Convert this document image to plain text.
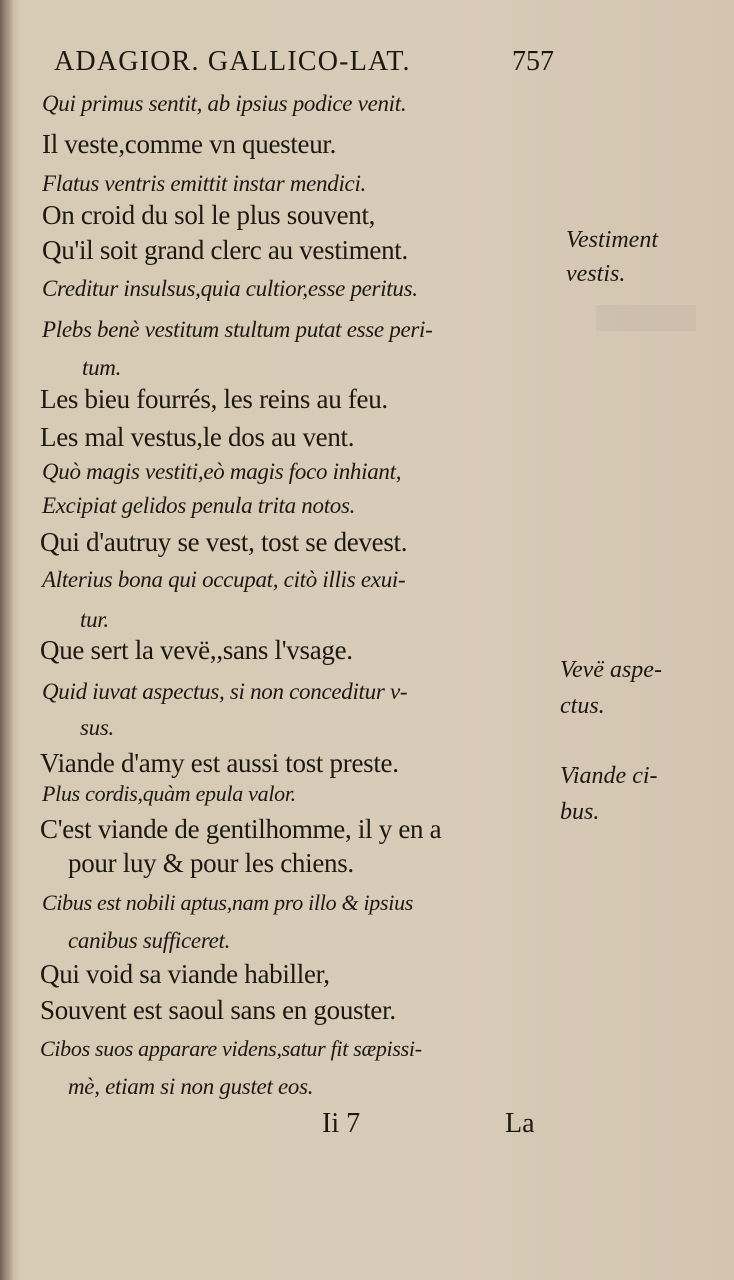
ADAGIOR. GALLICO-LAT.	757
Qui primus sentit, ab ipsius podice venit.
Il veste,comme vn questeur.
Flatus ventris emittit instar mendici.
On croid du sol le plus souvent,
Qu'il soit grand clerc au vestiment.
Creditur insulsus,quia cultior,esse peritus.
Plebs benè vestitum stultum putat esse peri-
tum.
Les bieu fourrés, les reins au feu.
Les mal vestus,le dos au vent.
Quò magis vestiti,eò magis foco inhiant,
Excipiat gelidos penula trita notos.
Qui d'autruy se vest, tost se devest.
Alterius bona qui occupat, citò illis exui-
tur.
Que sert la vevë,,sans l'vsage.
Quid iuvat aspectus, si non conceditur v-
sus.
Viande d'amy est aussi tost preste.
Plus cordis,quàm epula valor.
C'est viande de gentilhomme, il y en a
pour luy & pour les chiens.
Cibus est nobili aptus,nam pro illo & ipsius
canibus sufficeret.
Qui void sa viande habiller,
Souvent est saoul sans en gouster.
Cibos suos apparare videns,satur fit sæpissi-
mè, etiam si non gustet eos.
Vestiment
vestis.
Vevë aspe-
ctus.
Viande ci-
bus.
Ii 7	La
